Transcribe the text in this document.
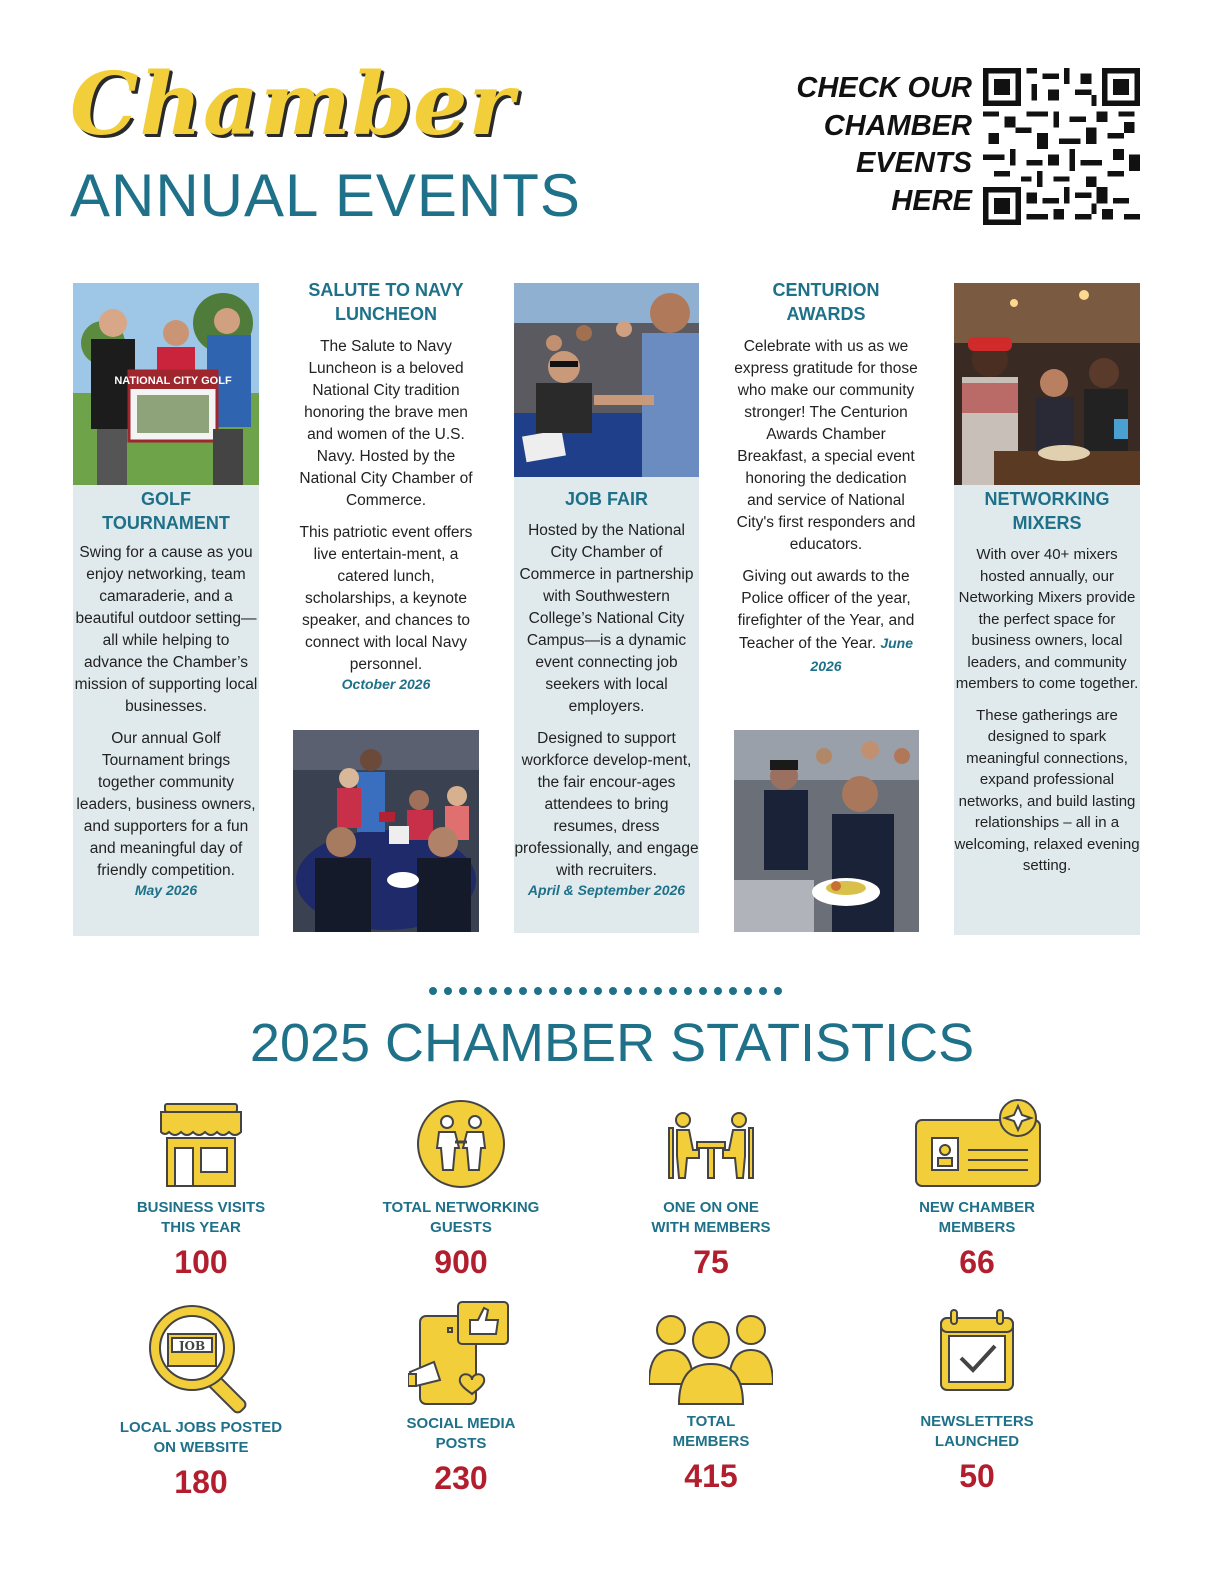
Chamber
ANNUAL EVENTS
CHECK OUR
CHAMBER
EVENTS
HERE
NATIONAL CITY GOLF
GOLF
TOURNAMENT

Swing for a cause as you enjoy networking, team camaraderie, and a beautiful outdoor setting—all while helping to advance the Chamber’s mission of supporting local businesses.

Our annual Golf Tournament brings together community leaders, business owners, and supporters for a fun and meaningful day of friendly competition.

May 2026
SALUTE TO NAVY
LUNCHEON

The Salute to Navy Luncheon is a beloved National City tradition honoring the brave men and women of the U.S. Navy. Hosted by the National City Chamber of Commerce.

This patriotic event offers live entertain-ment, a catered lunch, scholarships, a keynote speaker, and chances to connect with local Navy personnel.

October 2026
JOB FAIR

Hosted by the National City Chamber of Commerce in partnership with Southwestern College’s National City Campus—is a dynamic event connecting job seekers with local employers.

Designed to support workforce develop-ment, the fair encour-ages attendees to bring resumes, dress professionally, and engage with recruiters.

April & September 2026
CENTURION
AWARDS

Celebrate with us as we express gratitude for those who make our community stronger! The Centurion Awards Chamber Breakfast, a special event honoring the dedication and service of National City's first responders and educators.

Giving out awards to the Police officer of the year, firefighter of the Year, and Teacher of the Year. June 2026

NETWORKING
MIXERS

With over 40+ mixers hosted annually, our Networking Mixers provide the perfect space for business owners, local leaders, and community members to come together.

These gatherings are designed to spark meaningful connections, expand professional networks, and build lasting relationships – all in a welcoming, relaxed evening setting.

2025 CHAMBER STATISTICS
BUSINESS VISITS
THIS YEAR
100
TOTAL NETWORKING
GUESTS
900
ONE ON ONE
WITH MEMBERS
75
NEW CHAMBER
MEMBERS
66
JOB
LOCAL JOBS POSTED
ON WEBSITE
180
SOCIAL MEDIA
POSTS
230
TOTAL
MEMBERS
415
NEWSLETTERS
LAUNCHED
50
